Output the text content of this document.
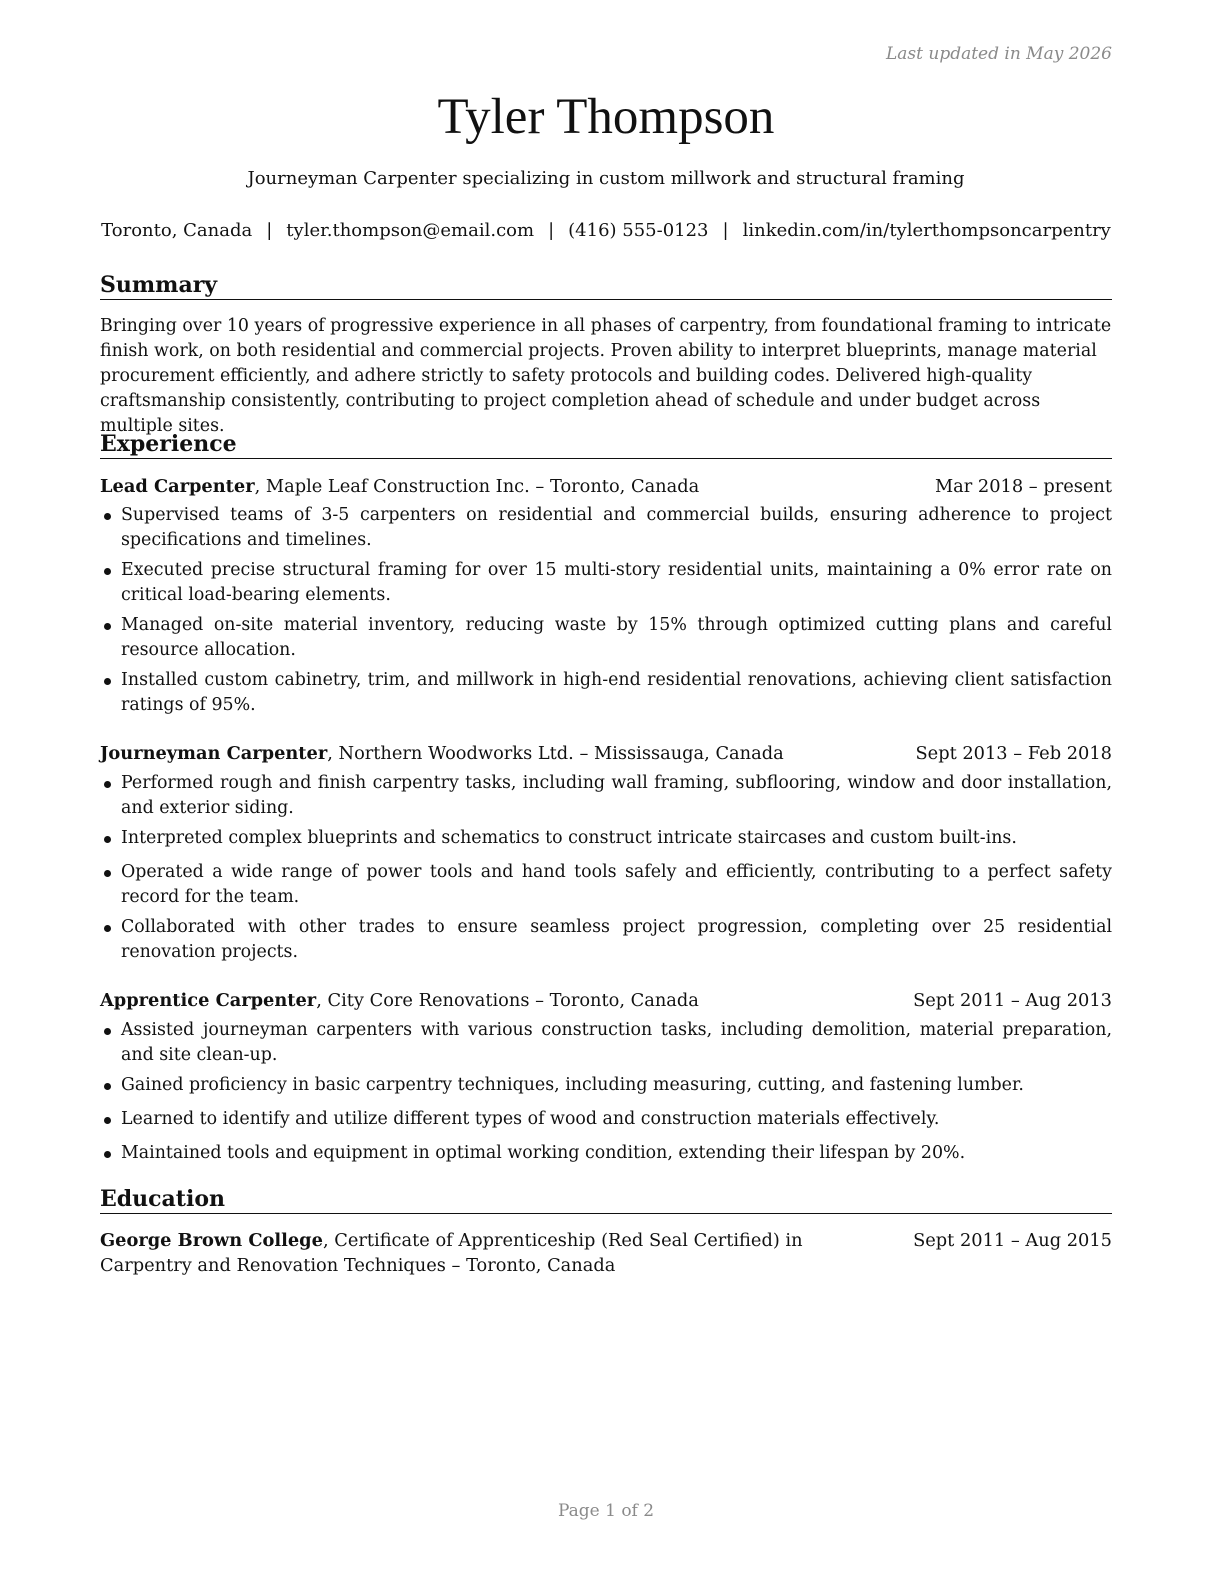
Last updated in May 2026
Tyler Thompson
Journeyman Carpenter specializing in custom millwork and structural framing
Toronto, Canada | tyler.thompson@email.com | (416) 555-0123 | linkedin.com/in/tylerthompsoncarpentry
Summary
Bringing over 10 years of progressive experience in all phases of carpentry, from foundational framing to intricate finish work, on both residential and commercial projects. Proven ability to interpret blueprints, manage material procurement efficiently, and adhere strictly to safety protocols and building codes. Delivered high-quality craftsmanship consistently, contributing to project completion ahead of schedule and under budget across multiple sites.
Experience
Lead Carpenter, Maple Leaf Construction Inc. – Toronto, Canada	Mar 2018 – present
Supervised teams of 3-5 carpenters on residential and commercial builds, ensuring adherence to project specifications and timelines.
Executed precise structural framing for over 15 multi-story residential units, maintaining a 0% error rate on critical load-bearing elements.
Managed on-site material inventory, reducing waste by 15% through optimized cutting plans and careful resource allocation.
Installed custom cabinetry, trim, and millwork in high-end residential renovations, achieving client satisfaction ratings of 95%.
Journeyman Carpenter, Northern Woodworks Ltd. – Mississauga, Canada	Sept 2013 – Feb 2018
Performed rough and finish carpentry tasks, including wall framing, subflooring, window and door installation, and exterior siding.
Interpreted complex blueprints and schematics to construct intricate staircases and custom built-ins.
Operated a wide range of power tools and hand tools safely and efficiently, contributing to a perfect safety record for the team.
Collaborated with other trades to ensure seamless project progression, completing over 25 residential renovation projects.
Apprentice Carpenter, City Core Renovations – Toronto, Canada	Sept 2011 – Aug 2013
Assisted journeyman carpenters with various construction tasks, including demolition, material preparation, and site clean-up.
Gained proficiency in basic carpentry techniques, including measuring, cutting, and fastening lumber.
Learned to identify and utilize different types of wood and construction materials effectively.
Maintained tools and equipment in optimal working condition, extending their lifespan by 20%.
Education
George Brown College, Certificate of Apprenticeship (Red Seal Certified) in Carpentry and Renovation Techniques – Toronto, Canada
Sept 2011 – Aug 2015
Page 1 of 2
